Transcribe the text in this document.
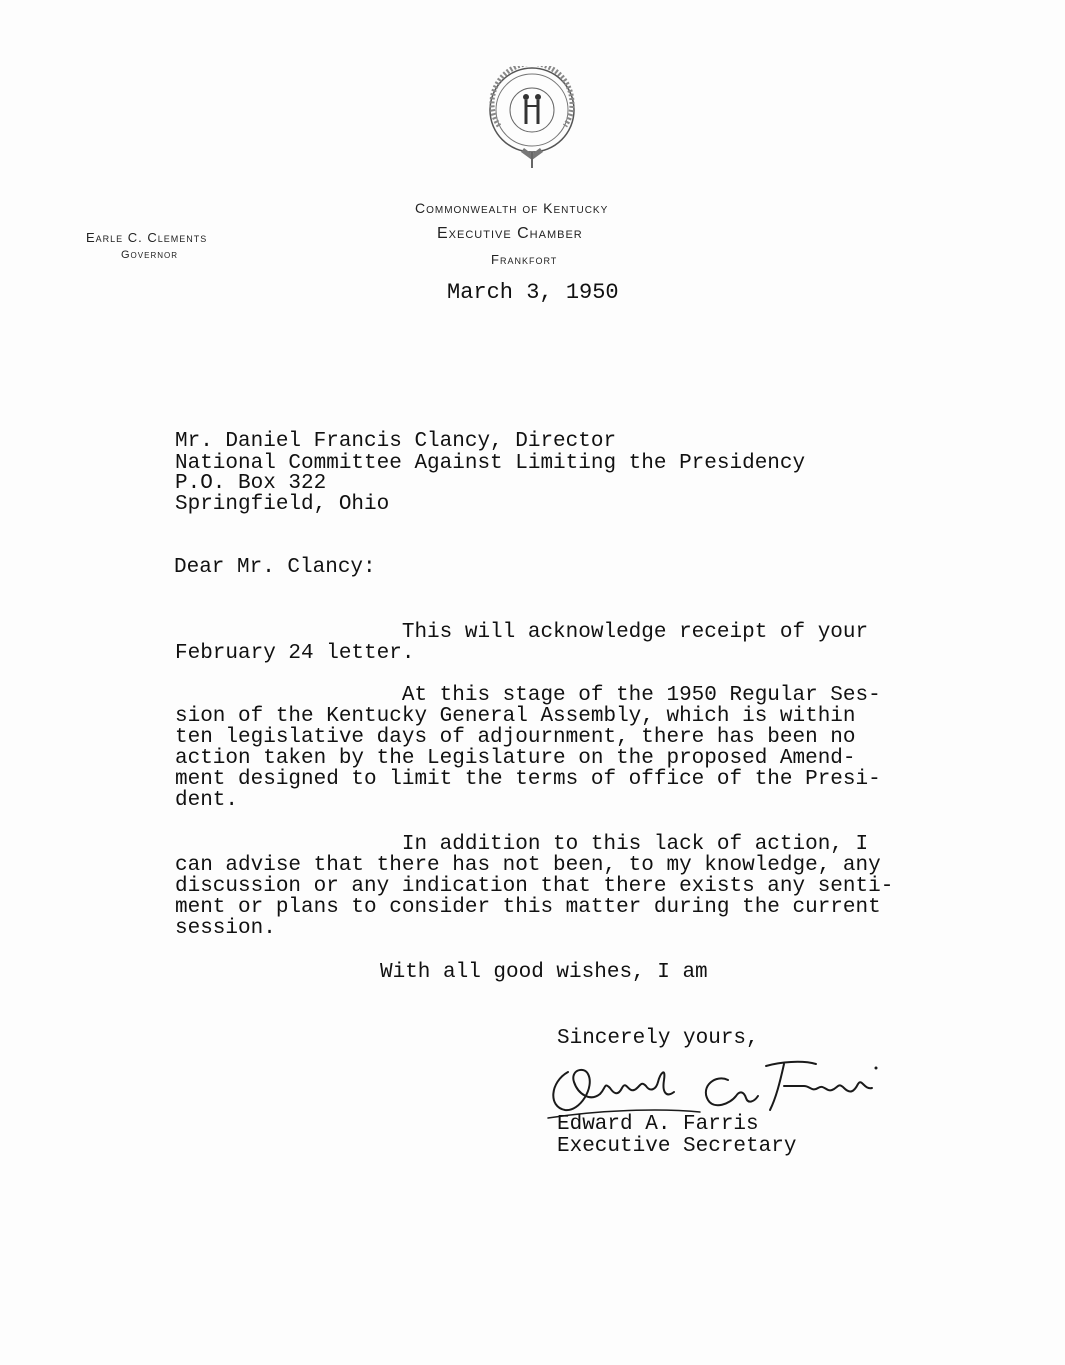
Commonwealth of Kentucky
Executive Chamber
Frankfort
Earle C. Clements
Governor
March 3, 1950
Mr. Daniel Francis Clancy, Director
National Committee Against Limiting the Presidency
P.O. Box 322
Springfield, Ohio
Dear Mr. Clancy:
This will acknowledge receipt of your
February 24 letter.
At this stage of the 1950 Regular Ses-
sion of the Kentucky General Assembly, which is within
ten legislative days of adjournment, there has been no
action taken by the Legislature on the proposed Amend-
ment designed to limit the terms of office of the Presi-
dent.
In addition to this lack of action, I
can advise that there has not been, to my knowledge, any
discussion or any indication that there exists any senti-
ment or plans to consider this matter during the current
session.
With all good wishes, I am
Sincerely yours,
Edward A. Farris
Executive Secretary
